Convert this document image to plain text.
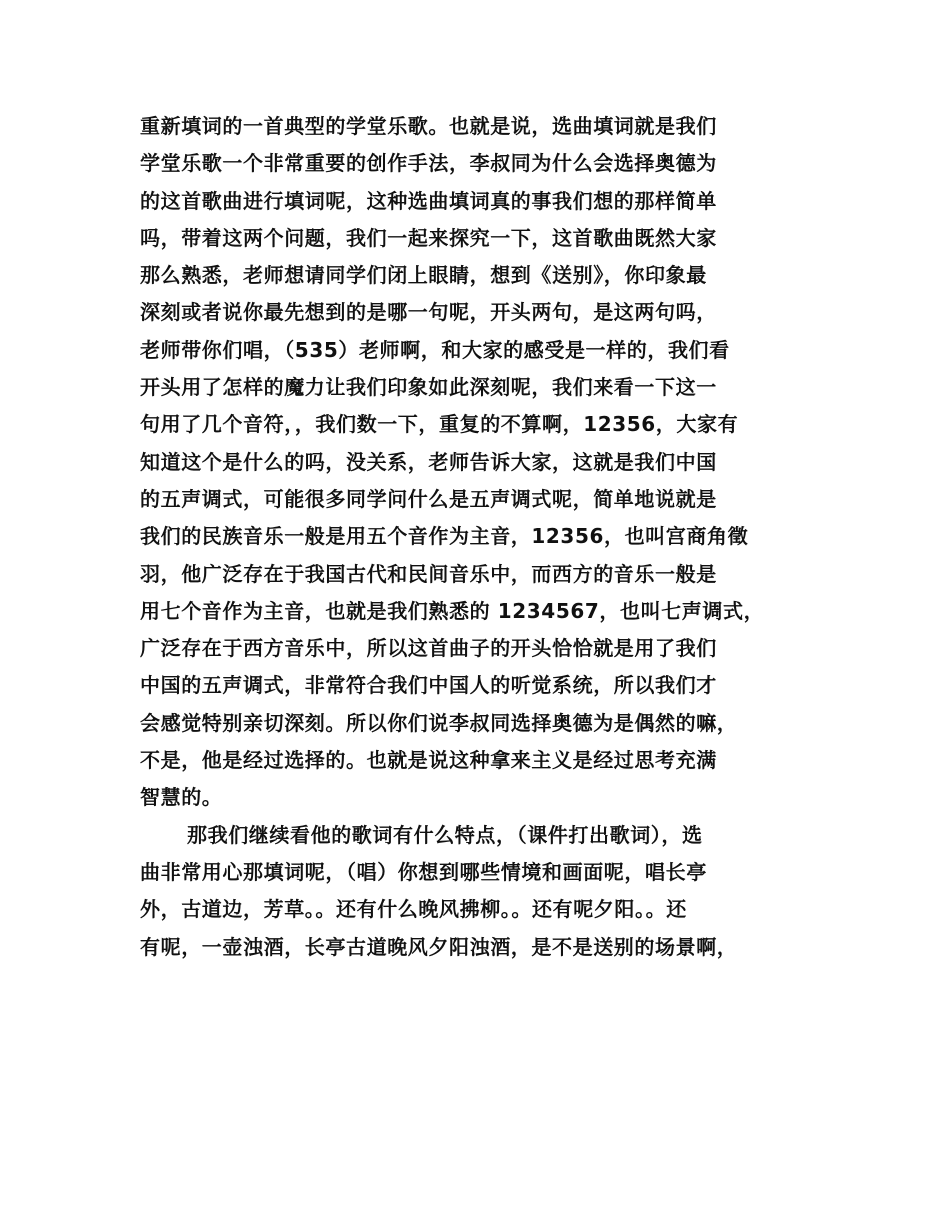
重新填词的一首典型的学堂乐歌。也就是说，选曲填词就是我们
学堂乐歌一个非常重要的创作手法，李叔同为什么会选择奥德为
的这首歌曲进行填词呢，这种选曲填词真的事我们想的那样简单
吗，带着这两个问题，我们一起来探究一下，这首歌曲既然大家
那么熟悉，老师想请同学们闭上眼睛，想到《送别》，你印象最
深刻或者说你最先想到的是哪一句呢，开头两句，是这两句吗，
老师带你们唱，（535）老师啊，和大家的感受是一样的，我们看
开头用了怎样的魔力让我们印象如此深刻呢，我们来看一下这一
句用了几个音符，，我们数一下，重复的不算啊，12356，大家有
知道这个是什么的吗，没关系，老师告诉大家，这就是我们中国
的五声调式，可能很多同学问什么是五声调式呢，简单地说就是
我们的民族音乐一般是用五个音作为主音，12356，也叫宫商角徵
羽，他广泛存在于我国古代和民间音乐中，而西方的音乐一般是
用七个音作为主音，也就是我们熟悉的 1234567，也叫七声调式，
广泛存在于西方音乐中，所以这首曲子的开头恰恰就是用了我们
中国的五声调式，非常符合我们中国人的听觉系统，所以我们才
会感觉特别亲切深刻。所以你们说李叔同选择奥德为是偶然的嘛，
不是，他是经过选择的。也就是说这种拿来主义是经过思考充满
智慧的。
那我们继续看他的歌词有什么特点，（课件打出歌词），选
曲非常用心那填词呢，（唱）你想到哪些情境和画面呢，唱长亭
外，古道边，芳草。。还有什么晚风拂柳。。还有呢夕阳。。还
有呢，一壶浊酒，长亭古道晚风夕阳浊酒，是不是送别的场景啊，
